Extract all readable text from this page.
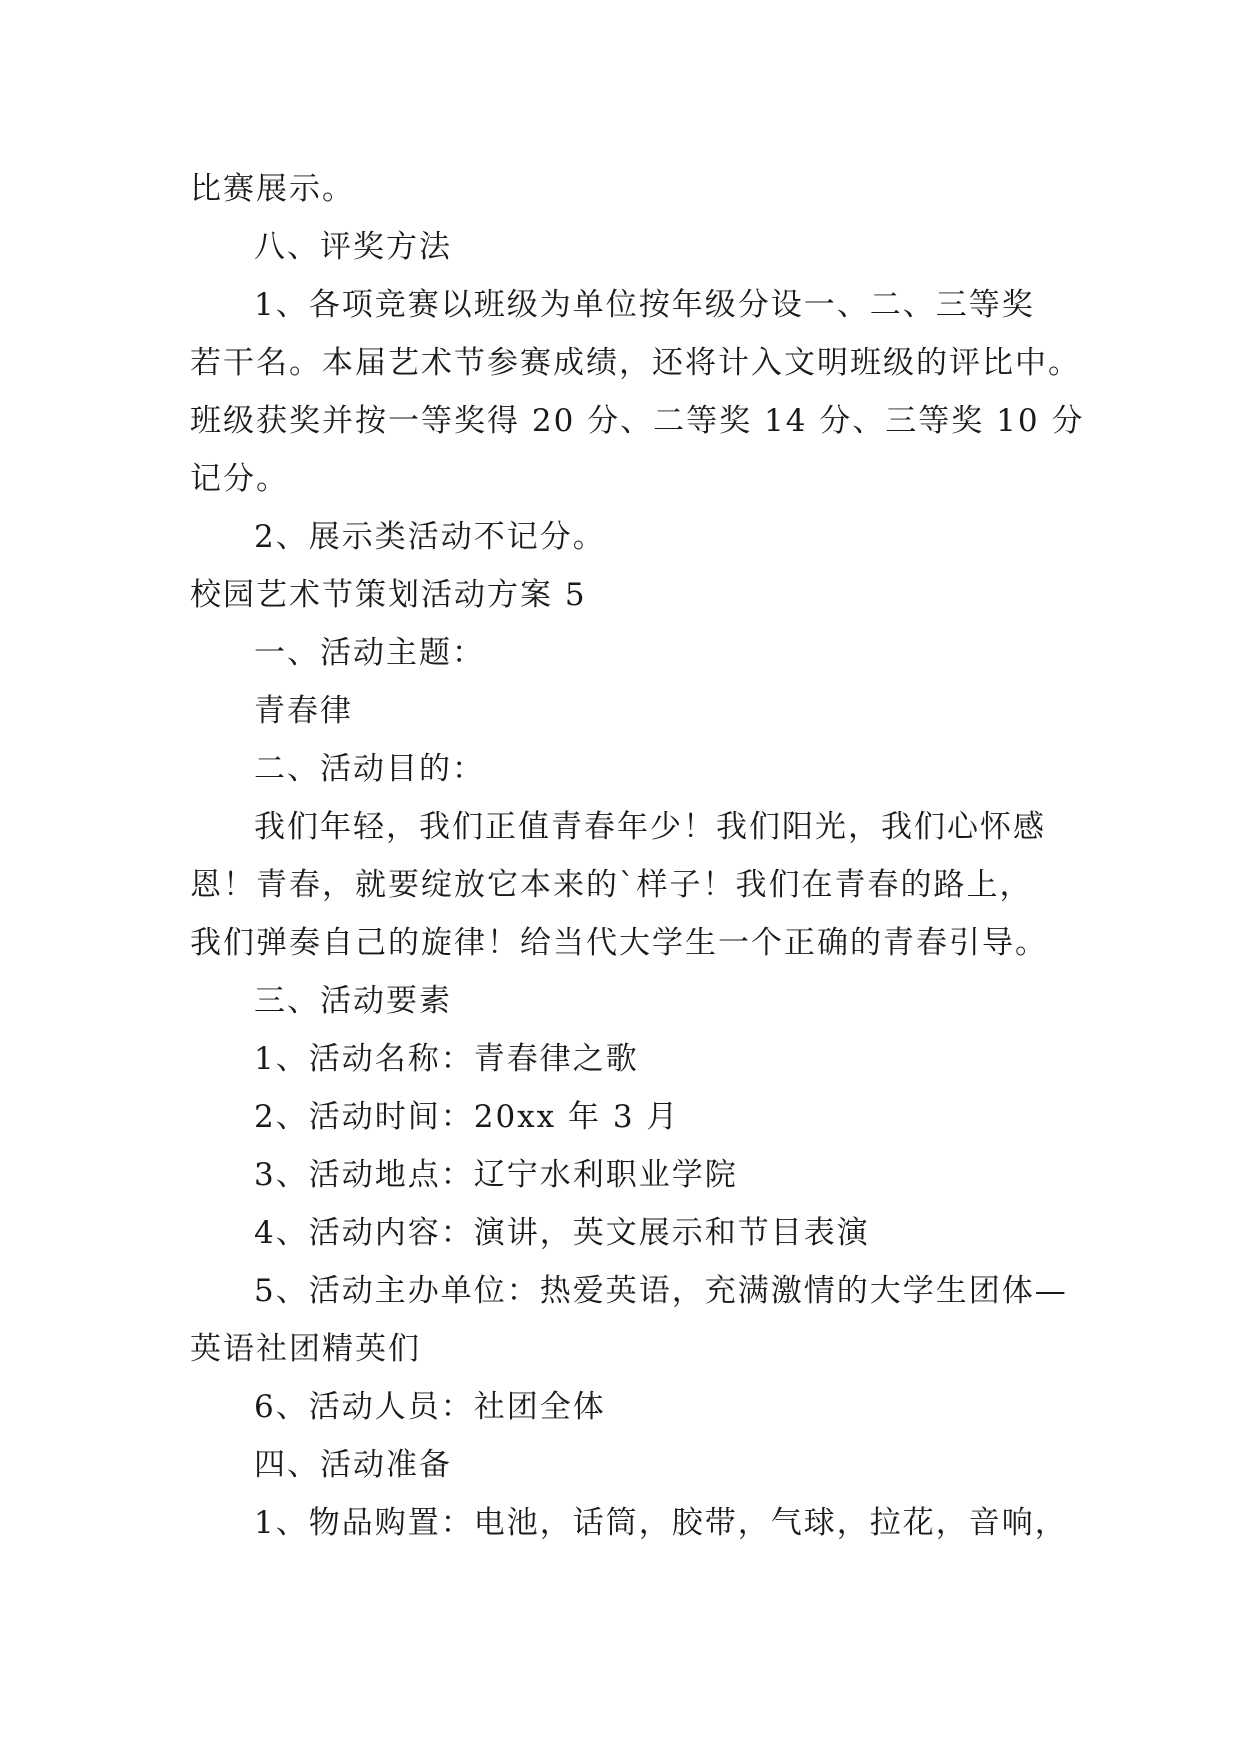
比赛展示。
八、评奖方法
1、各项竞赛以班级为单位按年级分设一、二、三等奖
若干名。本届艺术节参赛成绩，还将计入文明班级的评比中。
班级获奖并按一等奖得 20 分、二等奖 14 分、三等奖 10 分
记分。
2、展示类活动不记分。
校园艺术节策划活动方案 5
一、活动主题：
青春律
二、活动目的：
我们年轻，我们正值青春年少！我们阳光，我们心怀感
恩！青春，就要绽放它本来的`样子！我们在青春的路上，
我们弹奏自己的旋律！给当代大学生一个正确的青春引导。
三、活动要素
1、活动名称：青春律之歌
2、活动时间：20xx 年 3 月
3、活动地点：辽宁水利职业学院
4、活动内容：演讲，英文展示和节目表演
5、活动主办单位：热爱英语，充满激情的大学生团体—
英语社团精英们
6、活动人员：社团全体
四、活动准备
1、物品购置：电池，话筒，胶带，气球，拉花，音响，
